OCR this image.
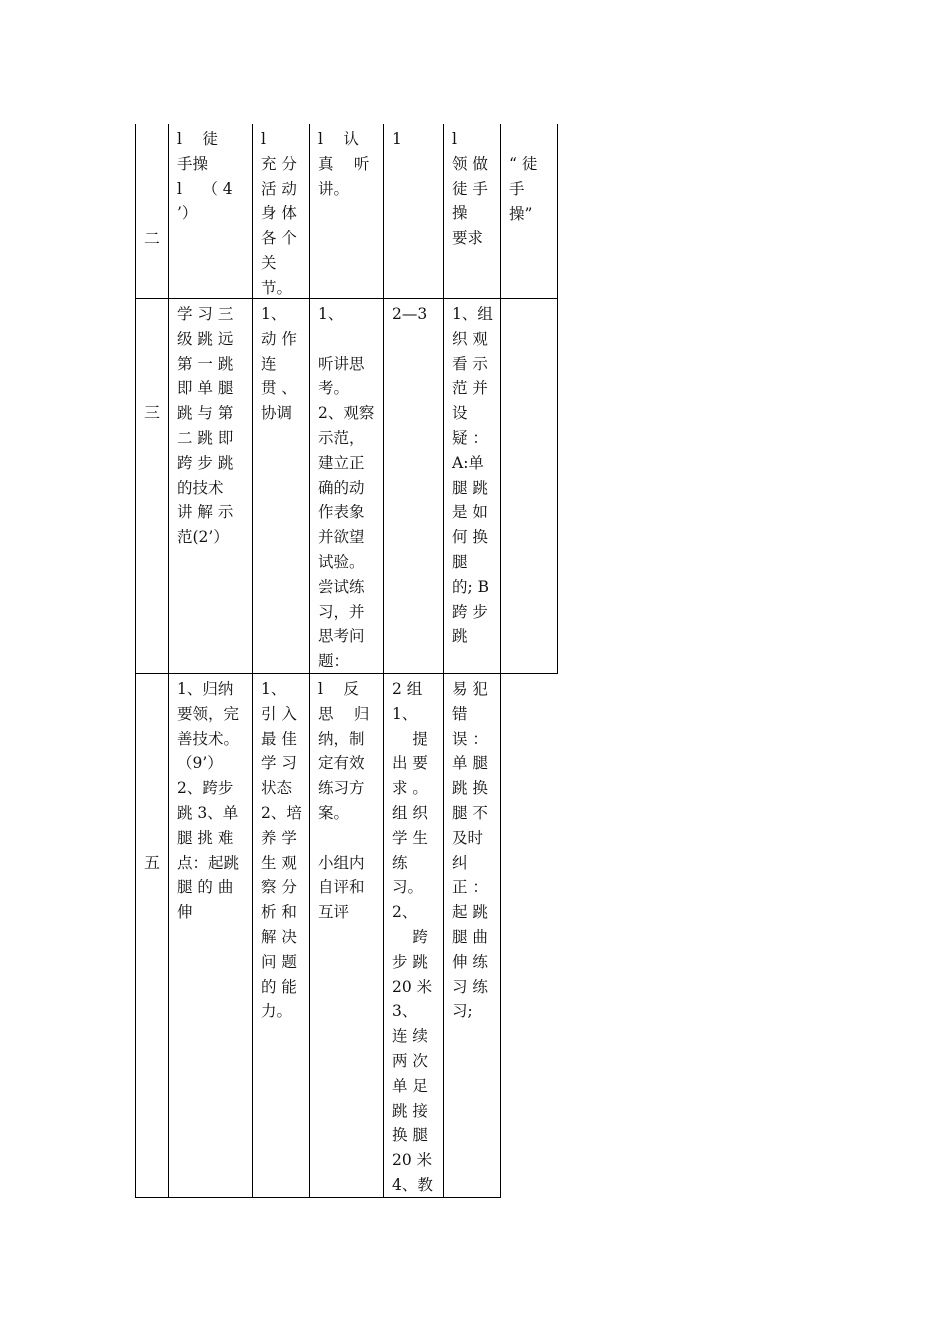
二
三
五
l　 徒
手操
l　 （ 4
’）
l
充 分
活 动
身 体
各 个
关
节。
l　 认
真　 听
讲。
1	l
领 做
徒 手
操
要求
“ 徒
手
操”
学 习 三
级 跳 远
第 一 跳
即 单 腿
跳 与 第
二 跳 即
跨 步 跳
的技术
讲 解 示
范(2’）
1、
动 作
连
贯 、
协调
1、

听讲思
考。
2、观察
示范，
建立正
确的动
作表象
并欲望
试验。
尝试练
习，并
思考问
题：
2—3	1、组
织 观
看 示
范 并
设
疑 ：
A:单
腿 跳
是 如
何 换
腿
的; B
跨 步
跳
1、归纳
要领，完
善技术。
（9’）
2、跨步
跳 3、单
腿 挑 难
点：起跳
腿 的 曲
伸
1、
引 入
最 佳
学 习
状态
2、培
养 学
生 观
察 分
析 和
解 决
问 题
的 能
力。
l　 反
思　 归
纳，制
定有效
练习方
案。

小组内
自评和
互评
2 组
1、
　 提
出 要
求 。
组 织
学 生
练
习。
2、
　 跨
步 跳
20 米
3、
连 续
两 次
单 足
跳 接
换 腿
20 米
4、教
易 犯
错
误 ：
单 腿
跳 换
腿 不
及时
纠
正 ：
起 跳
腿 曲
伸 练
习 练
习;
